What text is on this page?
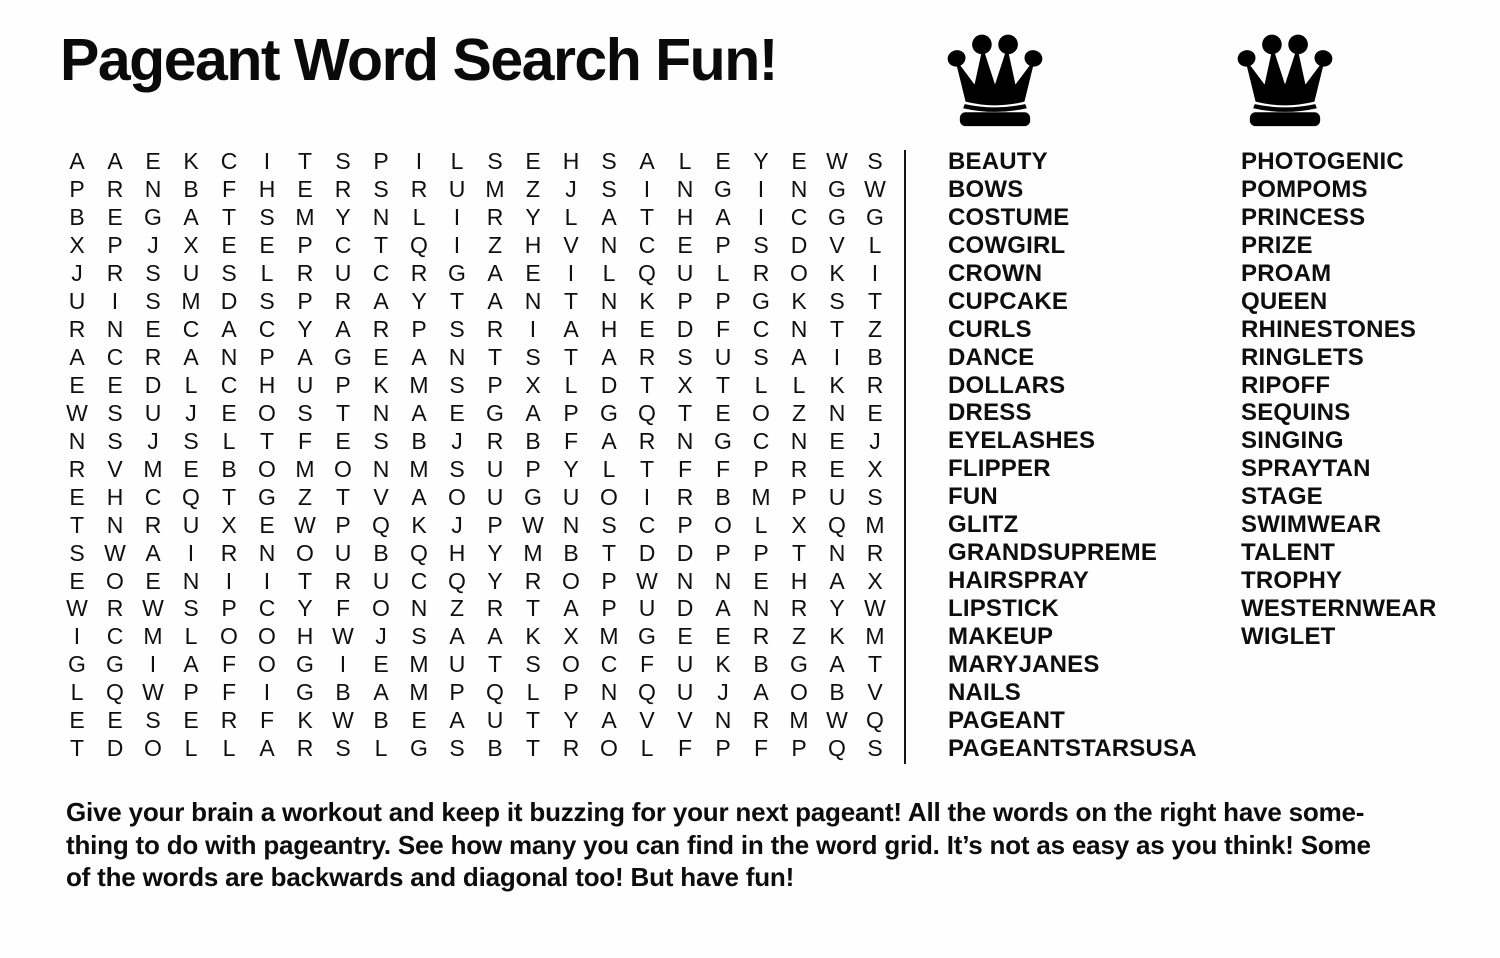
Pageant Word Search Fun!
A A E K C	I	T	S P	I	L	S E H S A	L	E Y E W S
P R N B	F H E R S R U M Z	J	S	I	N G	I	N G W
B E G A	T	S M Y N	L	I	R Y	L	A	T H A	I	C G G
X P	J	X E E P C T Q	I	Z H V N C E P S D V	L
J	R S U S	L	R U C R G A E	I	L Q U	L	R O K	I
U	I	S M D S P R A Y	T	A N T N K P P G K S	T
R N E C A C Y A R P S R	I	A H E D F C N T	Z
A C R A N P A G E A N T	S	T	A R S U S A	I	B
E E D	L	C H U P K M S P X	L	D T	X	T	L	L	K R
W S U	J	E O S	T N A E G A P G Q T	E O Z N E
N S	J	S	L	T	F	E S B	J	R B	F	A R N G C N E	J
R V M E B O M O N M S U P Y	L	T	F	F	P R E X
E H C Q T G Z	T	V A O U G U O	I	R B M P U S
T N R U X E W P Q K	J	P W N S C P O L	X Q M
S W A	I	R N O U B Q H Y M B	T D D P P	T N R
E O E N	I	I	T R U C Q Y R O P W N N E H A X
W R W S P C Y	F O N Z R T	A P U D A N R Y W
I	C M L O O H W J	S A A K X M G E E R Z	K M
G G	I	A	F O G	I	E M U T	S O C F U K B G A	T
L Q W P	F	I	G B A M P Q L	P N Q U	J	A O B V
E E S E R F	K W B E A U T	Y A V V N R M W Q
T D O L	L	A R S	L G S B	T R O L	F	P	F	P Q S
BEAUTY
BOWS
COSTUME
COWGIRL
CROWN
CUPCAKE
CURLS
DANCE
DOLLARS
DRESS
EYELASHES
FLIPPER
FUN
GLITZ
GRANDSUPREME
HAIRSPRAY
LIPSTICK
MAKEUP
MARYJANES
NAILS
PAGEANT
PAGEANTSTARSUSA
PHOTOGENIC
POMPOMS
PRINCESS
PRIZE
PROAM
QUEEN
RHINESTONES
RINGLETS
RIPOFF
SEQUINS
SINGING
SPRAYTAN
STAGE
SWIMWEAR
TALENT
TROPHY
WESTERNWEAR
WIGLET
Give your brain a workout and keep it buzzing for your next pageant! All the words on the right have some-
thing to do with pageantry. See how many you can find in the word grid. It’s not as easy as you think! Some
of the words are backwards and diagonal too! But have fun!
